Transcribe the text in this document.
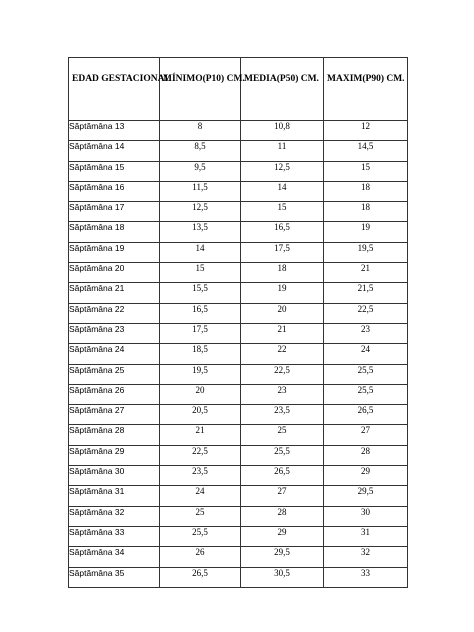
EDAD GESTACIONAL	MÍNIMO(P10) CM.	MEDIA(P50) CM.	MAXIM(P90) CM.
Săptămâna 13	8	10,8	12
Săptămâna 14	8,5	11	14,5
Săptămâna 15	9,5	12,5	15
Săptămâna 16	11,5	14	18
Săptămâna 17	12,5	15	18
Săptămâna 18	13,5	16,5	19
Săptămâna 19	14	17,5	19,5
Săptămâna 20	15	18	21
Săptămâna 21	15,5	19	21,5
Săptămâna 22	16,5	20	22,5
Săptămâna 23	17,5	21	23
Săptămâna 24	18,5	22	24
Săptămâna 25	19,5	22,5	25,5
Săptămâna 26	20	23	25,5
Săptămâna 27	20,5	23,5	26,5
Săptămâna 28	21	25	27
Săptămâna 29	22,5	25,5	28
Săptămâna 30	23,5	26,5	29
Săptămâna 31	24	27	29,5
Săptămâna 32	25	28	30
Săptămâna 33	25,5	29	31
Săptămâna 34	26	29,5	32
Săptămâna 35	26,5	30,5	33
